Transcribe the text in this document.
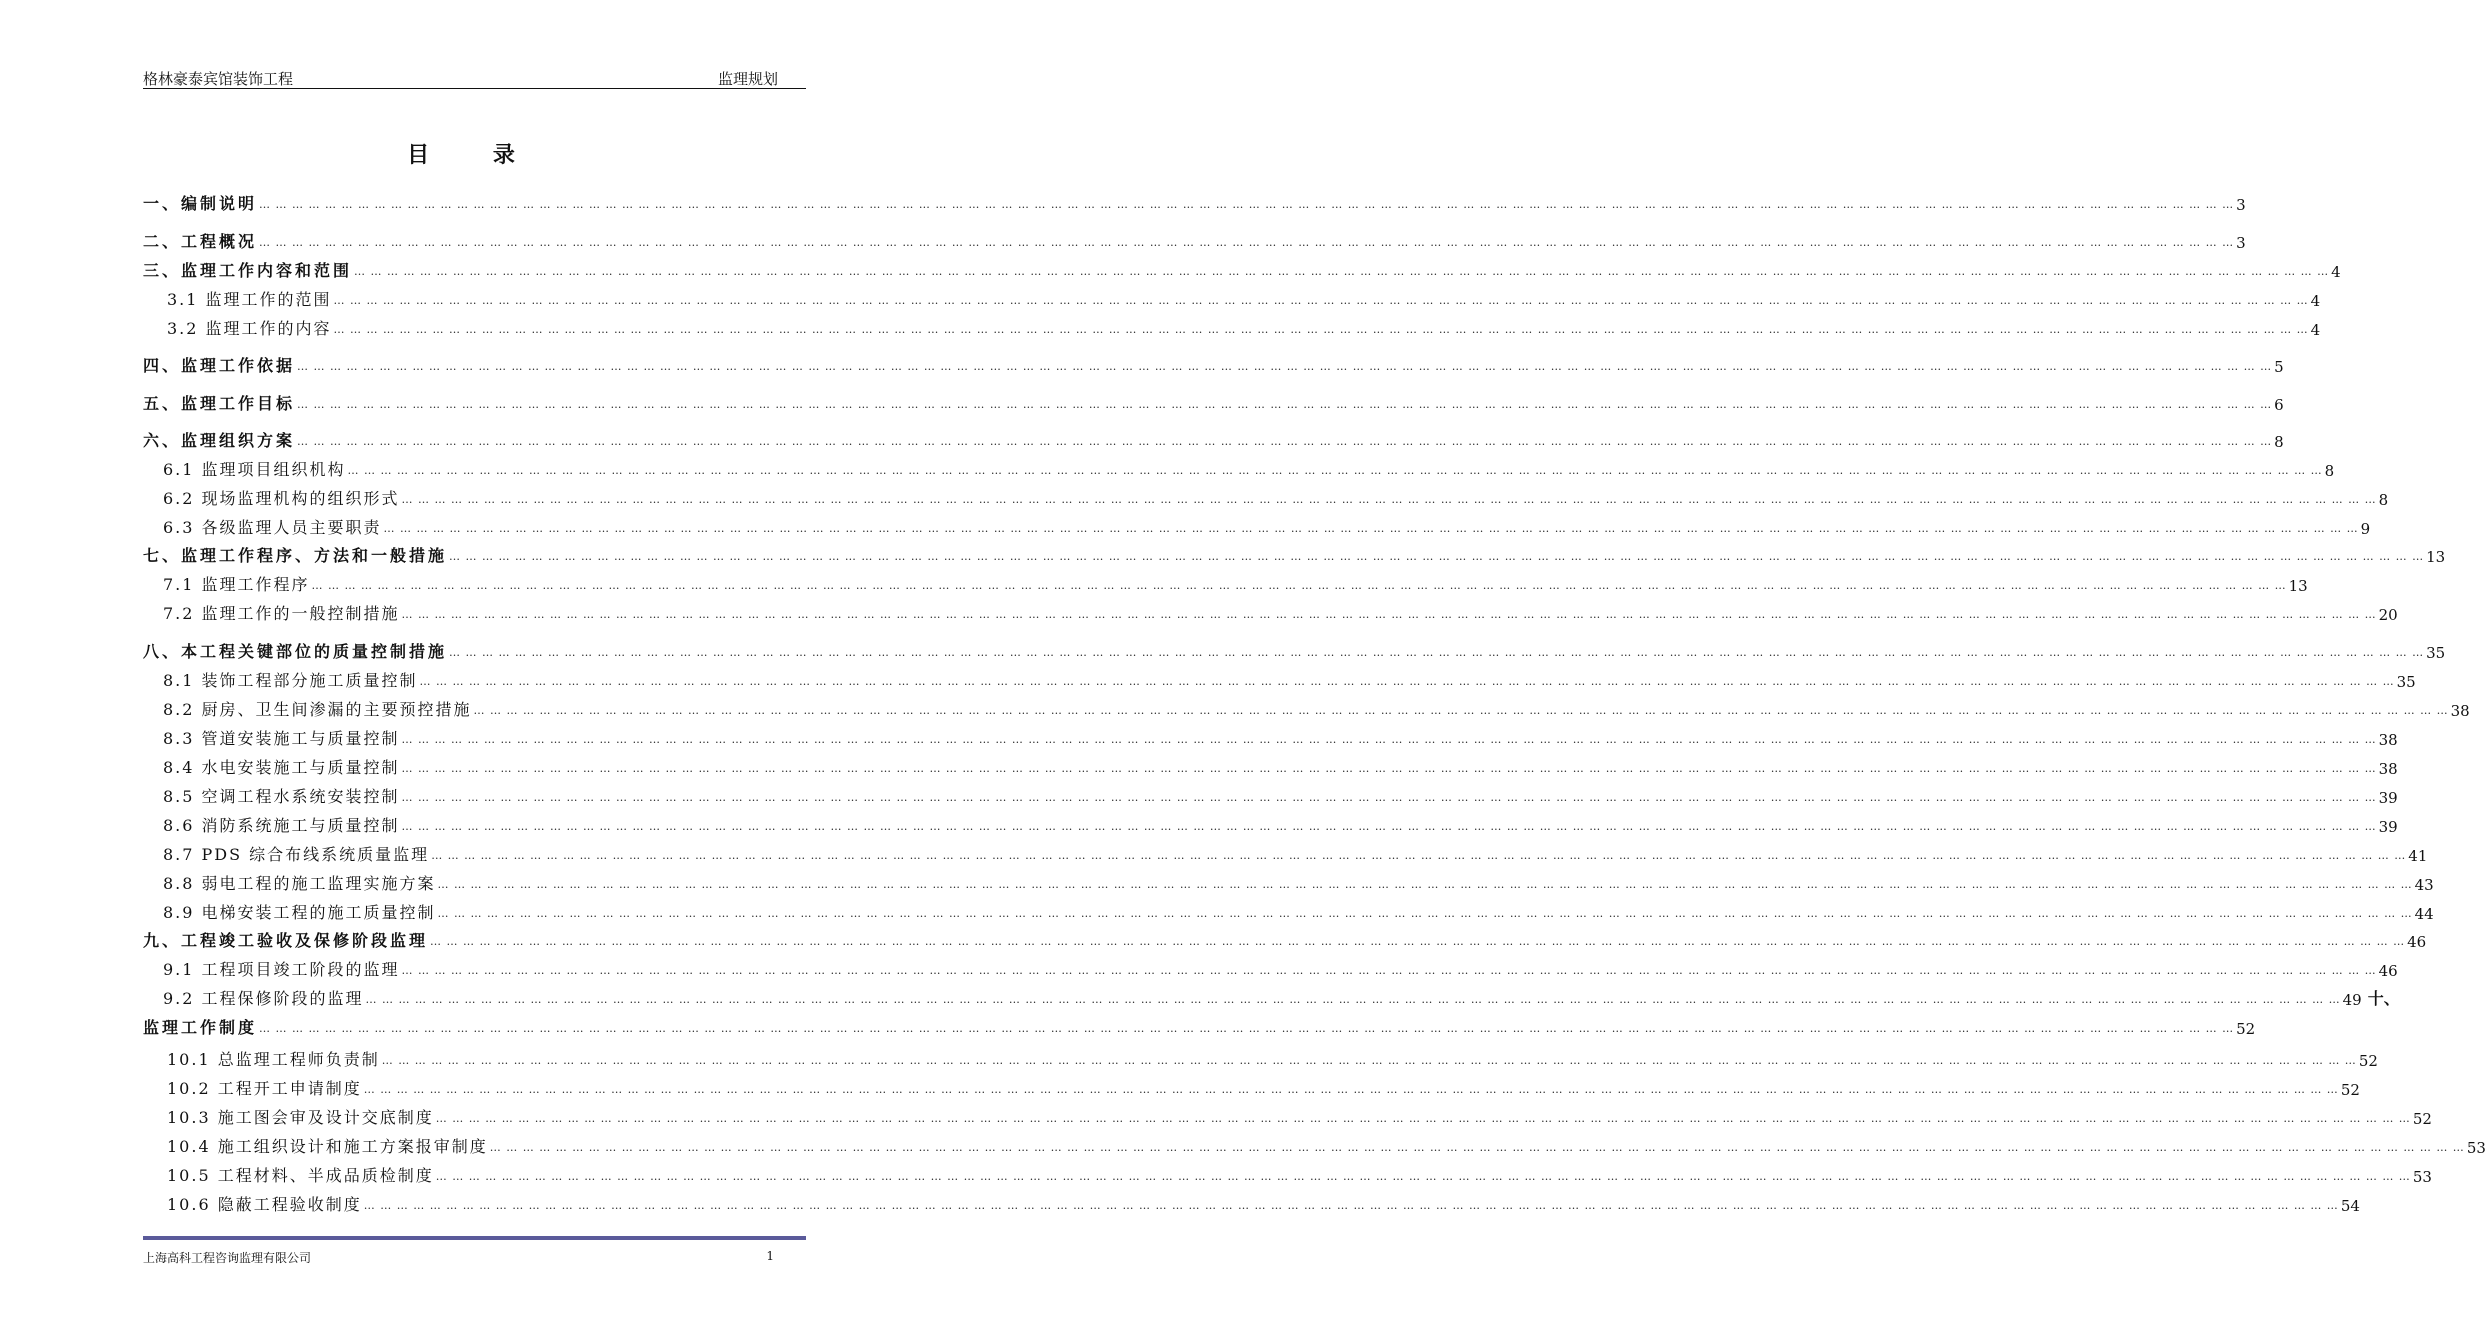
格林豪泰宾馆装饰工程	监理规划
目 录
一、编制说明 … … … … … … … … … … … … … … … … … … … … … … … … … … … … … … … … … … … … … … … … … … … … … … … … … … … … … … … … … … … … … … … … … … … … … … … … … … … … … … … … … … … … … … … … … … … … … … … … … … … … … … … … … … … … … … … … … … … … … … … … 3
二、工程概况 … … … … … … … … … … … … … … … … … … … … … … … … … … … … … … … … … … … … … … … … … … … … … … … … … … … … … … … … … … … … … … … … … … … … … … … … … … … … … … … … … … … … … … … … … … … … … … … … … … … … … … … … … … … … … … … … … … … … … … … … 3
三、监理工作内容和范围 … … … … … … … … … … … … … … … … … … … … … … … … … … … … … … … … … … … … … … … … … … … … … … … … … … … … … … … … … … … … … … … … … … … … … … … … … … … … … … … … … … … … … … … … … … … … … … … … … … … … … … … … … … … … … … … … … … … … … … … … 4
3.1 监理工作的范围 … … … … … … … … … … … … … … … … … … … … … … … … … … … … … … … … … … … … … … … … … … … … … … … … … … … … … … … … … … … … … … … … … … … … … … … … … … … … … … … … … … … … … … … … … … … … … … … … … … … … … … … … … … … … … … … … … … … … … … … … 4
3.2 监理工作的内容 … … … … … … … … … … … … … … … … … … … … … … … … … … … … … … … … … … … … … … … … … … … … … … … … … … … … … … … … … … … … … … … … … … … … … … … … … … … … … … … … … … … … … … … … … … … … … … … … … … … … … … … … … … … … … … … … … … … … … … … … 4
四、监理工作依据 … … … … … … … … … … … … … … … … … … … … … … … … … … … … … … … … … … … … … … … … … … … … … … … … … … … … … … … … … … … … … … … … … … … … … … … … … … … … … … … … … … … … … … … … … … … … … … … … … … … … … … … … … … … … … … … … … … … … … … … … 5
五、监理工作目标 … … … … … … … … … … … … … … … … … … … … … … … … … … … … … … … … … … … … … … … … … … … … … … … … … … … … … … … … … … … … … … … … … … … … … … … … … … … … … … … … … … … … … … … … … … … … … … … … … … … … … … … … … … … … … … … … … … … … … … … … 6
六、监理组织方案 … … … … … … … … … … … … … … … … … … … … … … … … … … … … … … … … … … … … … … … … … … … … … … … … … … … … … … … … … … … … … … … … … … … … … … … … … … … … … … … … … … … … … … … … … … … … … … … … … … … … … … … … … … … … … … … … … … … … … … … … 8
6.1 监理项目组织机构 … … … … … … … … … … … … … … … … … … … … … … … … … … … … … … … … … … … … … … … … … … … … … … … … … … … … … … … … … … … … … … … … … … … … … … … … … … … … … … … … … … … … … … … … … … … … … … … … … … … … … … … … … … … … … … … … … … … … … … … … 8
6.2 现场监理机构的组织形式 … … … … … … … … … … … … … … … … … … … … … … … … … … … … … … … … … … … … … … … … … … … … … … … … … … … … … … … … … … … … … … … … … … … … … … … … … … … … … … … … … … … … … … … … … … … … … … … … … … … … … … … … … … … … … … … … … … … … … … … … 8
6.3 各级监理人员主要职责 … … … … … … … … … … … … … … … … … … … … … … … … … … … … … … … … … … … … … … … … … … … … … … … … … … … … … … … … … … … … … … … … … … … … … … … … … … … … … … … … … … … … … … … … … … … … … … … … … … … … … … … … … … … … … … … … … … … … … … … … 9
七、监理工作程序、方法和一般措施 … … … … … … … … … … … … … … … … … … … … … … … … … … … … … … … … … … … … … … … … … … … … … … … … … … … … … … … … … … … … … … … … … … … … … … … … … … … … … … … … … … … … … … … … … … … … … … … … … … … … … … … … … … … … … … … … … … … … … … … … 13
7.1 监理工作程序 … … … … … … … … … … … … … … … … … … … … … … … … … … … … … … … … … … … … … … … … … … … … … … … … … … … … … … … … … … … … … … … … … … … … … … … … … … … … … … … … … … … … … … … … … … … … … … … … … … … … … … … … … … … … … … … … … … … … … … … … 13
7.2 监理工作的一般控制措施 … … … … … … … … … … … … … … … … … … … … … … … … … … … … … … … … … … … … … … … … … … … … … … … … … … … … … … … … … … … … … … … … … … … … … … … … … … … … … … … … … … … … … … … … … … … … … … … … … … … … … … … … … … … … … … … … … … … … … … … … 20
八、本工程关键部位的质量控制措施 … … … … … … … … … … … … … … … … … … … … … … … … … … … … … … … … … … … … … … … … … … … … … … … … … … … … … … … … … … … … … … … … … … … … … … … … … … … … … … … … … … … … … … … … … … … … … … … … … … … … … … … … … … … … … … … … … … … … … … … … 35
8.1 装饰工程部分施工质量控制 … … … … … … … … … … … … … … … … … … … … … … … … … … … … … … … … … … … … … … … … … … … … … … … … … … … … … … … … … … … … … … … … … … … … … … … … … … … … … … … … … … … … … … … … … … … … … … … … … … … … … … … … … … … … … … … … … … … … … … … … 35
8.2 厨房、卫生间渗漏的主要预控措施 … … … … … … … … … … … … … … … … … … … … … … … … … … … … … … … … … … … … … … … … … … … … … … … … … … … … … … … … … … … … … … … … … … … … … … … … … … … … … … … … … … … … … … … … … … … … … … … … … … … … … … … … … … … … … … … … … … … … … … … … 38
8.3 管道安装施工与质量控制 … … … … … … … … … … … … … … … … … … … … … … … … … … … … … … … … … … … … … … … … … … … … … … … … … … … … … … … … … … … … … … … … … … … … … … … … … … … … … … … … … … … … … … … … … … … … … … … … … … … … … … … … … … … … … … … … … … … … … … … … 38
8.4 水电安装施工与质量控制 … … … … … … … … … … … … … … … … … … … … … … … … … … … … … … … … … … … … … … … … … … … … … … … … … … … … … … … … … … … … … … … … … … … … … … … … … … … … … … … … … … … … … … … … … … … … … … … … … … … … … … … … … … … … … … … … … … … … … … … … 38
8.5 空调工程水系统安装控制 … … … … … … … … … … … … … … … … … … … … … … … … … … … … … … … … … … … … … … … … … … … … … … … … … … … … … … … … … … … … … … … … … … … … … … … … … … … … … … … … … … … … … … … … … … … … … … … … … … … … … … … … … … … … … … … … … … … … … … … … 39
8.6 消防系统施工与质量控制 … … … … … … … … … … … … … … … … … … … … … … … … … … … … … … … … … … … … … … … … … … … … … … … … … … … … … … … … … … … … … … … … … … … … … … … … … … … … … … … … … … … … … … … … … … … … … … … … … … … … … … … … … … … … … … … … … … … … … … … … 39
8.7 PDS 综合布线系统质量监理 … … … … … … … … … … … … … … … … … … … … … … … … … … … … … … … … … … … … … … … … … … … … … … … … … … … … … … … … … … … … … … … … … … … … … … … … … … … … … … … … … … … … … … … … … … … … … … … … … … … … … … … … … … … … … … … … … … … … … … … … 41
8.8 弱电工程的施工监理实施方案 … … … … … … … … … … … … … … … … … … … … … … … … … … … … … … … … … … … … … … … … … … … … … … … … … … … … … … … … … … … … … … … … … … … … … … … … … … … … … … … … … … … … … … … … … … … … … … … … … … … … … … … … … … … … … … … … … … … … … … … … 43
8.9 电梯安装工程的施工质量控制 … … … … … … … … … … … … … … … … … … … … … … … … … … … … … … … … … … … … … … … … … … … … … … … … … … … … … … … … … … … … … … … … … … … … … … … … … … … … … … … … … … … … … … … … … … … … … … … … … … … … … … … … … … … … … … … … … … … … … … … … 44
九、工程竣工验收及保修阶段监理 … … … … … … … … … … … … … … … … … … … … … … … … … … … … … … … … … … … … … … … … … … … … … … … … … … … … … … … … … … … … … … … … … … … … … … … … … … … … … … … … … … … … … … … … … … … … … … … … … … … … … … … … … … … … … … … … … … … … … … … … 46
9.1 工程项目竣工阶段的监理 … … … … … … … … … … … … … … … … … … … … … … … … … … … … … … … … … … … … … … … … … … … … … … … … … … … … … … … … … … … … … … … … … … … … … … … … … … … … … … … … … … … … … … … … … … … … … … … … … … … … … … … … … … … … … … … … … … … … … … … … 46
9.2 工程保修阶段的监理 … … … … … … … … … … … … … … … … … … … … … … … … … … … … … … … … … … … … … … … … … … … … … … … … … … … … … … … … … … … … … … … … … … … … … … … … … … … … … … … … … … … … … … … … … … … … … … … … … … … … … … … … … … … … … … … … … … … … … … … … 49 十、
监理工作制度 … … … … … … … … … … … … … … … … … … … … … … … … … … … … … … … … … … … … … … … … … … … … … … … … … … … … … … … … … … … … … … … … … … … … … … … … … … … … … … … … … … … … … … … … … … … … … … … … … … … … … … … … … … … … … … … … … … … … … … … … 52
10.1 总监理工程师负责制 … … … … … … … … … … … … … … … … … … … … … … … … … … … … … … … … … … … … … … … … … … … … … … … … … … … … … … … … … … … … … … … … … … … … … … … … … … … … … … … … … … … … … … … … … … … … … … … … … … … … … … … … … … … … … … … … … … … … … … … … 52
10.2 工程开工申请制度 … … … … … … … … … … … … … … … … … … … … … … … … … … … … … … … … … … … … … … … … … … … … … … … … … … … … … … … … … … … … … … … … … … … … … … … … … … … … … … … … … … … … … … … … … … … … … … … … … … … … … … … … … … … … … … … … … … … … … … … … 52
10.3 施工图会审及设计交底制度 … … … … … … … … … … … … … … … … … … … … … … … … … … … … … … … … … … … … … … … … … … … … … … … … … … … … … … … … … … … … … … … … … … … … … … … … … … … … … … … … … … … … … … … … … … … … … … … … … … … … … … … … … … … … … … … … … … … … … … … … 52
10.4 施工组织设计和施工方案报审制度 … … … … … … … … … … … … … … … … … … … … … … … … … … … … … … … … … … … … … … … … … … … … … … … … … … … … … … … … … … … … … … … … … … … … … … … … … … … … … … … … … … … … … … … … … … … … … … … … … … … … … … … … … … … … … … … … … … … … … … … … 53
10.5 工程材料、半成品质检制度 … … … … … … … … … … … … … … … … … … … … … … … … … … … … … … … … … … … … … … … … … … … … … … … … … … … … … … … … … … … … … … … … … … … … … … … … … … … … … … … … … … … … … … … … … … … … … … … … … … … … … … … … … … … … … … … … … … … … … … … … 53
10.6 隐蔽工程验收制度 … … … … … … … … … … … … … … … … … … … … … … … … … … … … … … … … … … … … … … … … … … … … … … … … … … … … … … … … … … … … … … … … … … … … … … … … … … … … … … … … … … … … … … … … … … … … … … … … … … … … … … … … … … … … … … … … … … … … … … … … 54
上海高科工程咨询监理有限公司	1
